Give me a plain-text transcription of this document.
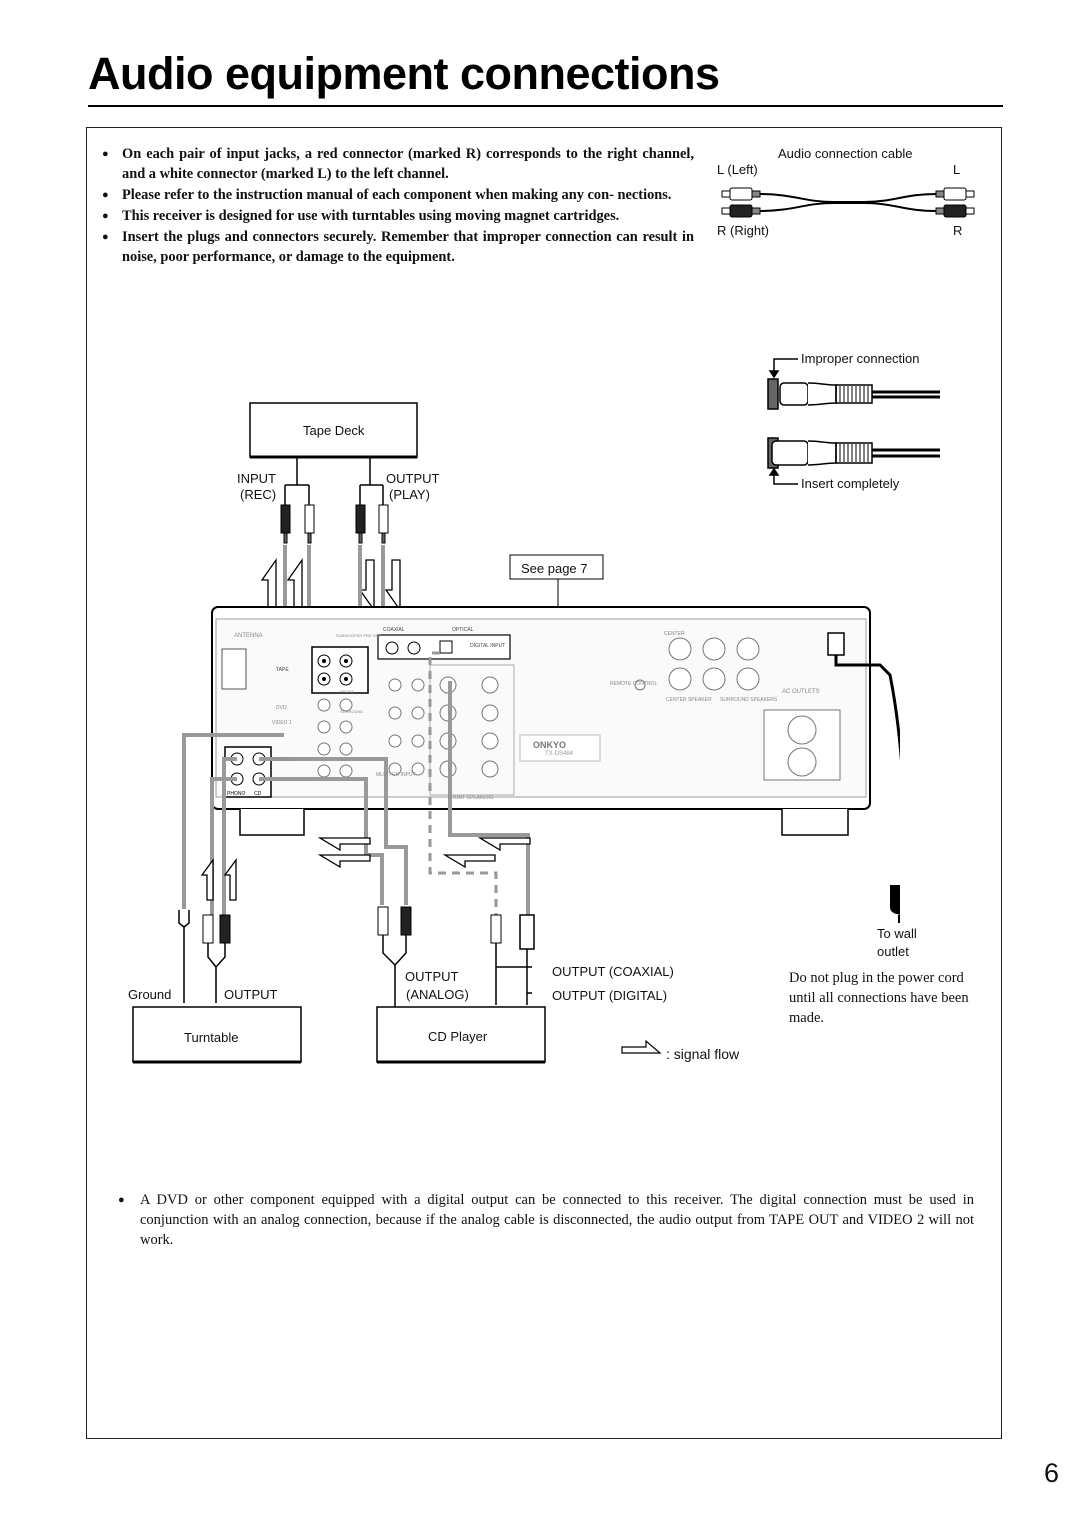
Audio equipment connections
● On each pair of input jacks, a red connector (marked R) corresponds to the right channel, and a white connector (marked L) to the left channel.
● Please refer to the instruction manual of each component when making any con- nections.
● This receiver is designed for use with turntables using moving magnet cartridges.
● Insert the plugs and connectors securely. Remember that improper connection can result in noise, poor performance, or damage to the equipment.
Audio connection cable
L (Left)	L
R (Right)	R
Improper connection
Insert completely
Tape Deck
INPUT
(REC)
OUTPUT
(PLAY)
See page 7
ONKYO
TX-DS484
ANTENNA
COAXIAL	OPTICAL
DIGITAL INPUT
TAPE
PHONO CD
VIDEO 1
VIDEO 2
DVD
MULTI CH INPUT
FRONT SPEAKERS
CENTER SPEAKER SURROUND SPEAKERS
AC OUTLETS
REMOTE CONTROL
CENTER
SUBWOOFER PRE OUT
SURROUND
FRONT
Ground	OUTPUT
Turntable
OUTPUT
(ANALOG)
CD Player
OUTPUT (COAXIAL)
OUTPUT (DIGITAL)
To wall outlet
: signal flow

Do not plug in the power cord until all connections have been made.

● A DVD or other component equipped with a digital output can be connected to this receiver. The digital connection must be used in conjunction with an analog connection, because if the analog cable is disconnected, the audio output from TAPE OUT and VIDEO 2 will not work.

6
